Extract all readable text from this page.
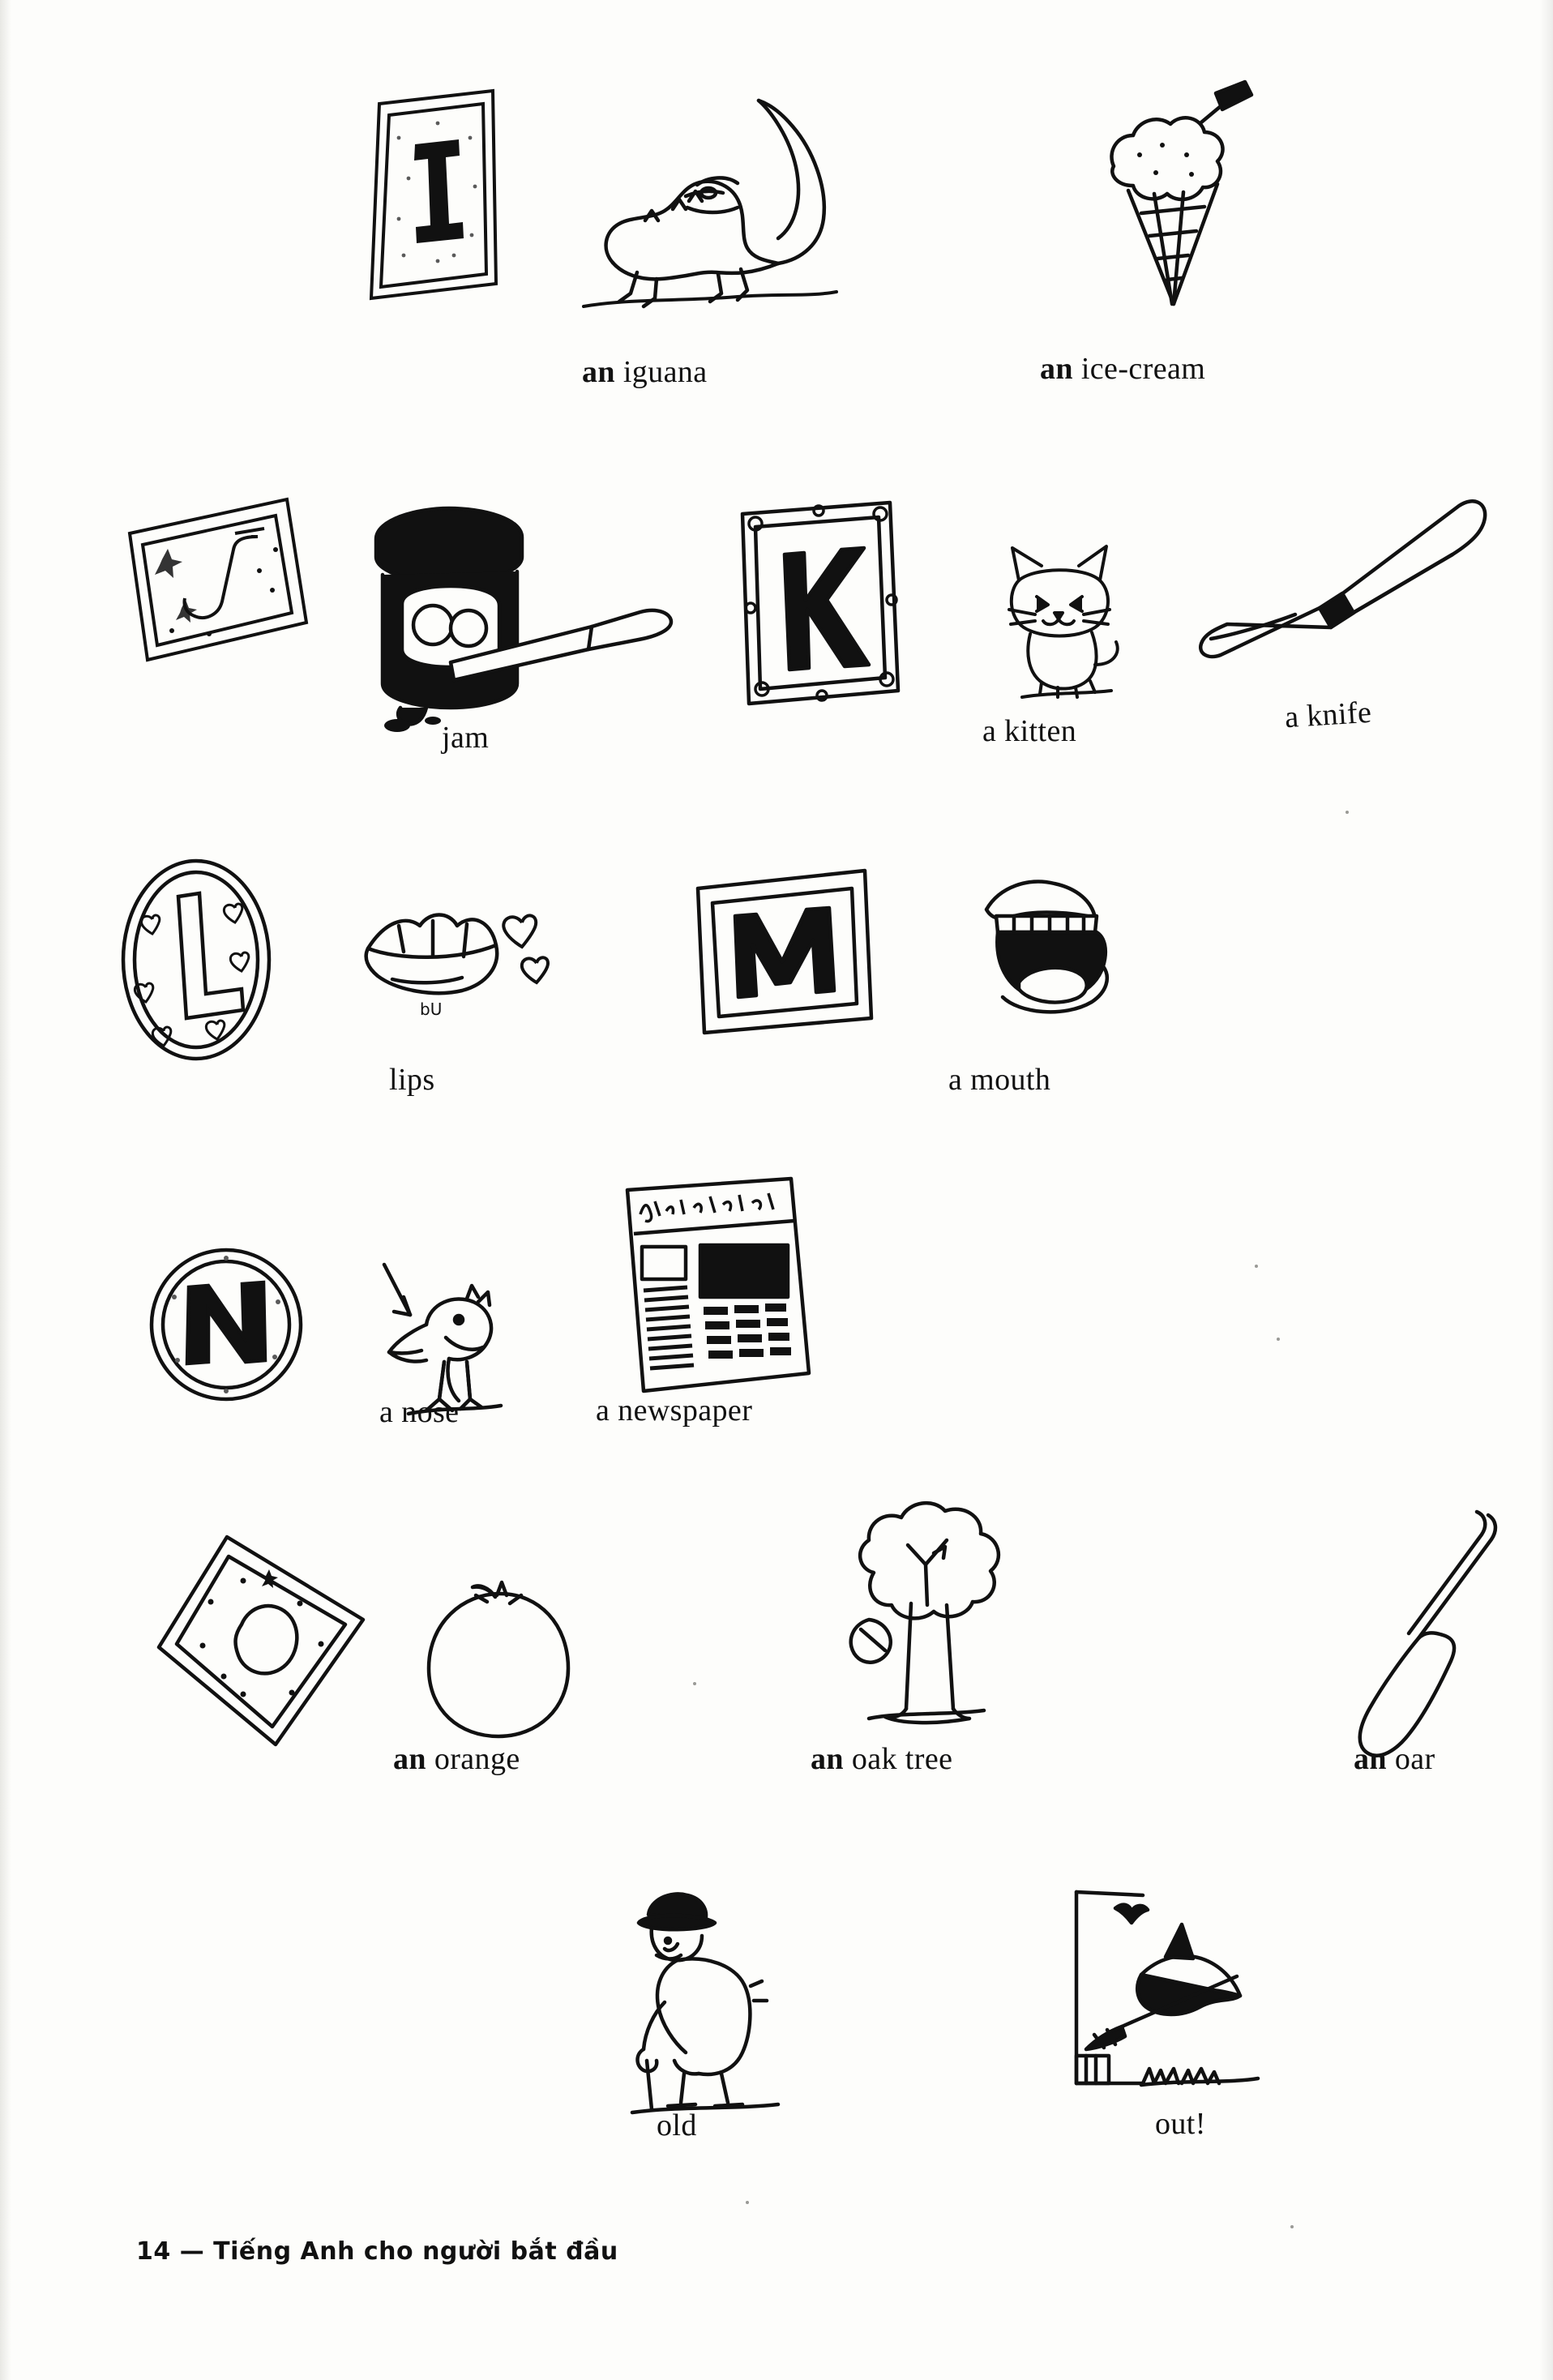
an iguana	an ice-cream
jam	a kitten	a knife
bU
lips	a mouth
a nose	a newspaper
an orange	an oak tree	an oar
old	out!
14 — Tiếng Anh cho người bắt đầu
